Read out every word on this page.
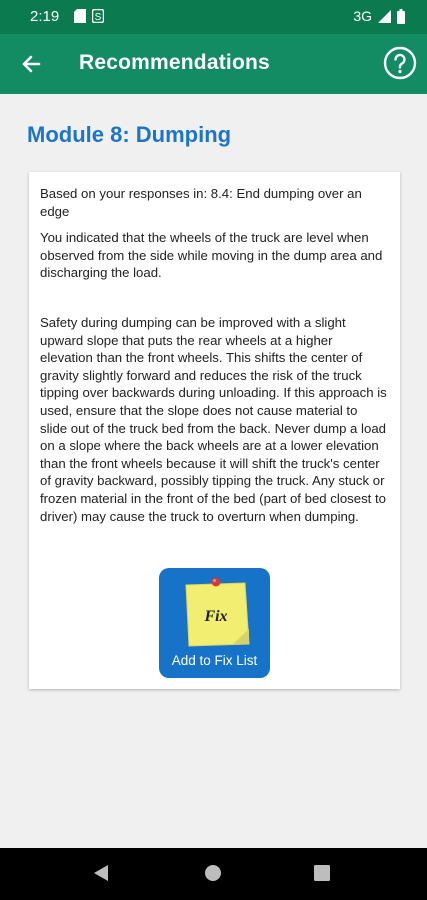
2:19	S	3G
Recommendations
Module 8: Dumping

Based on your responses in: 8.4: End dumping over an edge

You indicated that the wheels of the truck are level when observed from the side while moving in the dump area and discharging the load.

Safety during dumping can be improved with a slight upward slope that puts the rear wheels at a higher elevation than the front wheels. This shifts the center of gravity slightly forward and reduces the risk of the truck tipping over backwards during unloading. If this approach is used, ensure that the slope does not cause material to slide out of the truck bed from the back. Never dump a load on a slope where the back wheels are at a lower elevation than the front wheels because it will shift the truck's center of gravity backward, possibly tipping the truck. Any stuck or frozen material in the front of the bed (part of bed closest to driver) may cause the truck to overturn when dumping.

Fix
Add to Fix List
